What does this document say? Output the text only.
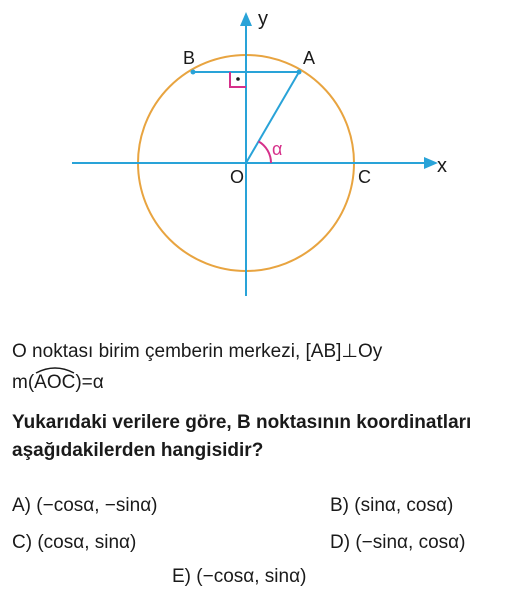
y
x
A
B
O	C
α
O noktası birim çemberin merkezi, [AB]⊥Oy
m(
AOC)=α
Yukarıdaki verilere göre, B noktasının koordinatları
aşağıdakilerden hangisidir?
A) (−cosα, −sinα)	B) (sinα, cosα)
C) (cosα, sinα)	D) (−sinα, cosα)
E) (−cosα, sinα)
